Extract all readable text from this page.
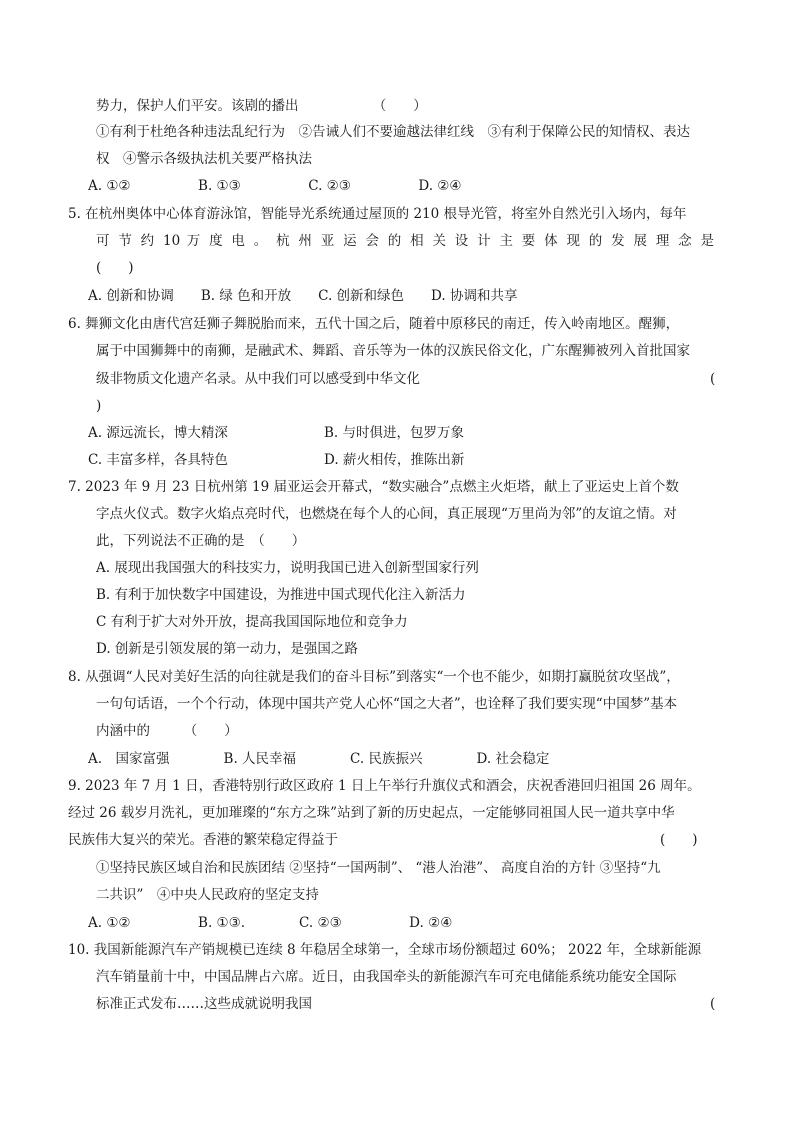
势力，保护人们平安。该剧的播出　　　　　　（　　）
①有利于杜绝各种违法乱纪行为　②告诫人们不要逾越法律红线　③有利于保障公民的知情权、表达
权　④警示各级执法机关要严格执法
A. ①②　　　　　B. ①③　　　　　C. ②③　　　　　D. ②④
5. 在杭州奥体中心体育游泳馆，智能导光系统通过屋顶的 210 根导光管，将室外自然光引入场内，每年
可 节 约 10 万 度 电 。 杭 州 亚 运 会 的 相 关 设 计 主 要 体 现 的 发 展 理 念 是
(　　)
A. 创新和协调　　B. 绿 色和开放　　C. 创新和绿色　　D. 协调和共享
6. 舞狮文化由唐代宫廷狮子舞脱胎而来，五代十国之后，随着中原移民的南迁，传入岭南地区。醒狮，
属于中国狮舞中的南狮，是融武术、舞蹈、音乐等为一体的汉族民俗文化，广东醒狮被列入首批国家
级非物质文化遗产名录。从中我们可以感受到中华文化	(
)
A. 源远流长，博大精深	B. 与时俱进，包罗万象
C. 丰富多样，各具特色	D. 薪火相传，推陈出新
7. 2023 年 9 月 23 日杭州第 19 届亚运会开幕式，“数实融合”点燃主火炬塔，献上了亚运史上首个数
字点火仪式。数字火焰点亮时代，也燃烧在每个人的心间，真正展现“万里尚为邻”的友谊之情。对
此，下列说法不正确的是　（　　）
A. 展现出我国强大的科技实力，说明我国已进入创新型国家行列
B. 有利于加快数字中国建设，为推进中国式现代化注入新活力
C 有利于扩大对外开放，提高我国国际地位和竞争力
D. 创新是引领发展的第一动力，是强国之路
8. 从强调“人民对美好生活的向往就是我们的奋斗目标”到落实“一个也不能少，如期打赢脱贫攻坚战”，
一句句话语，一个个行动，体现中国共产党人心怀“国之大者”，也诠释了我们要实现“中国梦”基本
内涵中的　　　（　　）
A.　国家富强　　　　B. 人民幸福　　　　C. 民族振兴　　　　D. 社会稳定
9. 2023 年 7 月 1 日，香港特别行政区政府 1 日上午举行升旗仪式和酒会，庆祝香港回归祖国 26 周年。
经过 26 载岁月洗礼，更加璀璨的“东方之珠”站到了新的历史起点，一定能够同祖国人民一道共享中华
民族伟大复兴的荣光。香港的繁荣稳定得益于	(　　)
①坚持民族区域自治和民族团结 ②坚持“一国两制”、 “港人治港”、 高度自治的方针 ③坚持“九
二共识”　④中央人民政府的坚定支持
A. ①②　　　　　B. ①③.　　　　C. ②③　　　　　D. ②④
10. 我国新能源汽车产销规模已连续 8 年稳居全球第一，全球市场份额超过 60%； 2022 年，全球新能源
汽车销量前十中，中国品牌占六席。近日，由我国牵头的新能源汽车可充电储能系统功能安全国际
标准正式发布……这些成就说明我国	(
